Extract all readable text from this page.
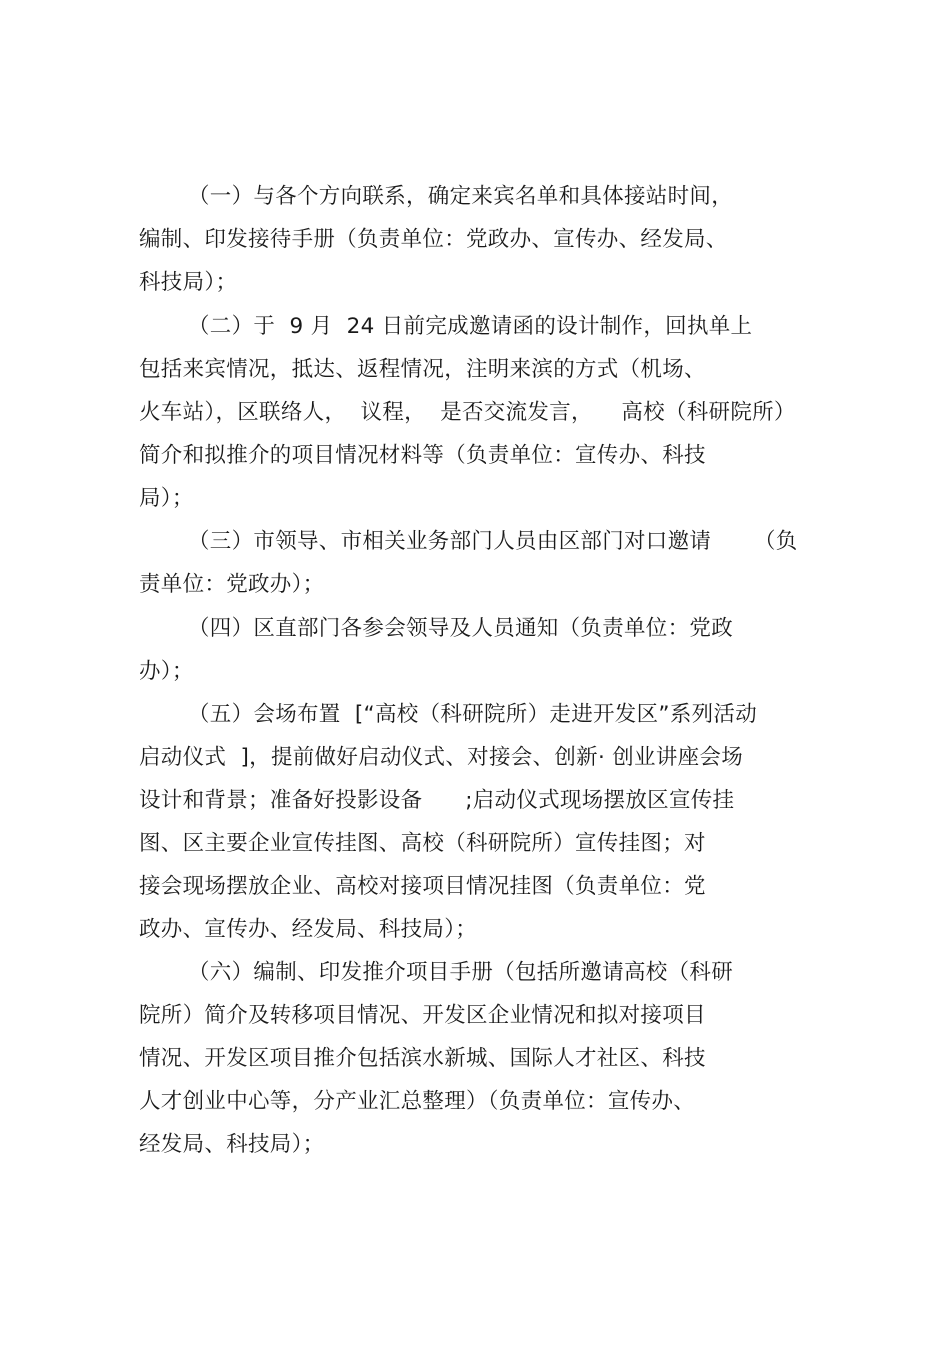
（一）与各个方向联系，确定来宾名单和具体接站时间，
编制、印发接待手册（负责单位：党政办、宣传办、经发局、
科技局）；
（二）于  9 月  24 日前完成邀请函的设计制作，回执单上
包括来宾情况，抵达、返程情况，注明来滨的方式（机场、
火车站），区联络人，  议程，  是否交流发言，    高校（科研院所）
简介和拟推介的项目情况材料等（负责单位：宣传办、科技
局）；
（三）市领导、市相关业务部门人员由区部门对口邀请      （负
责单位：党政办）；
（四）区直部门各参会领导及人员通知（负责单位：党政
办）；
（五）会场布置  [“高校（科研院所）走进开发区”系列活动
启动仪式  ]，提前做好启动仪式、对接会、创新· 创业讲座会场
设计和背景；准备好投影设备      ;启动仪式现场摆放区宣传挂
图、区主要企业宣传挂图、高校（科研院所）宣传挂图；对
接会现场摆放企业、高校对接项目情况挂图（负责单位：党
政办、宣传办、经发局、科技局）；
（六）编制、印发推介项目手册（包括所邀请高校（科研
院所）简介及转移项目情况、开发区企业情况和拟对接项目
情况、开发区项目推介包括滨水新城、国际人才社区、科技
人才创业中心等，分产业汇总整理）（负责单位：宣传办、
经发局、科技局）；
